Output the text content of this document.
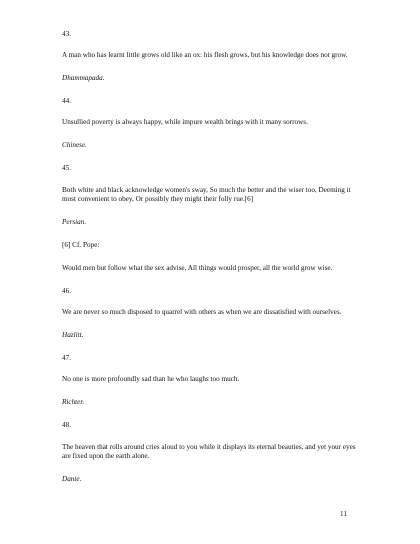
43.

A man who has learnt little grows old like an ox: his flesh grows, but his knowledge does not grow.

Dhammapada.

44.

Unsullied poverty is always happy, while impure wealth brings with it many sorrows.

Chinese.

45.

Both white and black acknowledge women's sway, So much the better and the wiser too, Deeming it most convenient to obey, Or possibly they might their folly rue.[6]

Persian.

[6] Cf. Pope:

Would men but follow what the sex advise, All things would prosper, all the world grow wise.

46.

We are never so much disposed to quarrel with others as when we are dissatisfied with ourselves.

Hazlitt.

47.

No one is more profoundly sad than he who laughs too much.

Richter.

48.

The heaven that rolls around cries aloud to you while it displays its eternal beauties, and yet your eyes are fixed upon the earth alone.

Dante.

11
